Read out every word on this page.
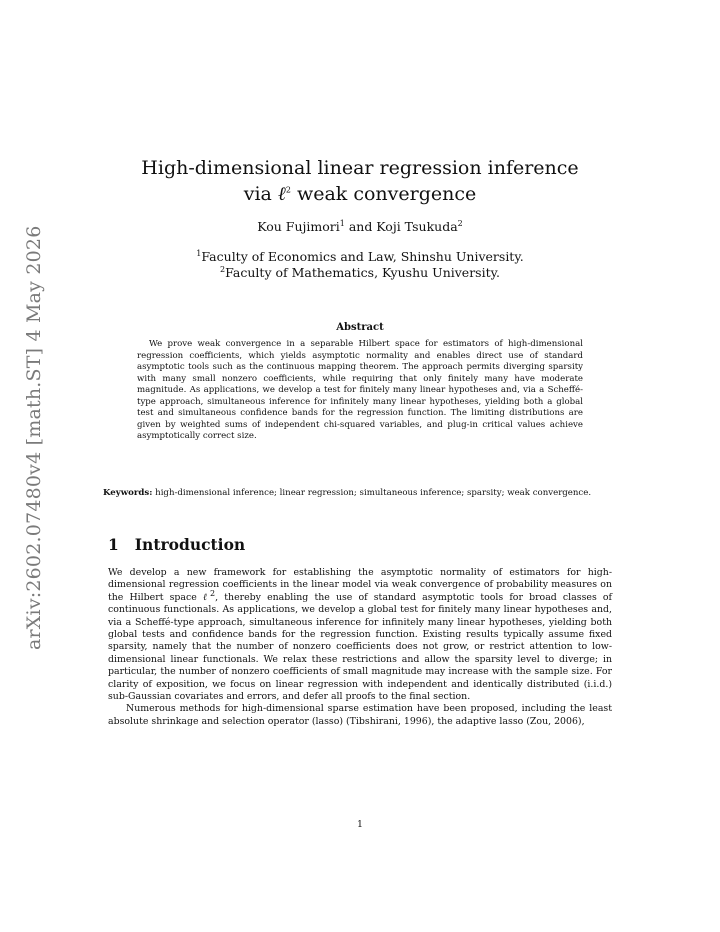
arXiv:2602.07480v4 [math.ST] 4 May 2026
High-dimensional linear regression inference
via ℓ$^2$ weak convergence
Kou Fujimori$^1$ and Koji Tsukuda$^2$
$^1$Faculty of Economics and Law, Shinshu University.
$^2$Faculty of Mathematics, Kyushu University.
Abstract

We prove weak convergence in a separable Hilbert space for estimators of high-dimensional regression coefficients, which yields asymptotic normality and enables direct use of standard asymptotic tools such as the continuous mapping theorem. The approach permits diverging sparsity with many small nonzero coefficients, while requiring that only finitely many have moderate magnitude. As applications, we develop a test for finitely many linear hypotheses and, via a Scheffé-type approach, simultaneous inference for infinitely many linear hypotheses, yielding both a global test and simultaneous confidence bands for the regression function. The limiting distributions are given by weighted sums of independent chi-squared variables, and plug-in critical values achieve asymptotically correct size.

Keywords: high-dimensional inference; linear regression; simultaneous inference; sparsity; weak convergence.
1 Introduction

We develop a new framework for establishing the asymptotic normality of estimators for high-dimensional regression coefficients in the linear model via weak convergence of probability measures on the Hilbert space ℓ$^2$, thereby enabling the use of standard asymptotic tools for broad classes of continuous functionals. As applications, we develop a global test for finitely many linear hypotheses and, via a Scheffé-type approach, simultaneous inference for infinitely many linear hypotheses, yielding both global tests and confidence bands for the regression function. Existing results typically assume fixed sparsity, namely that the number of nonzero coefficients does not grow, or restrict attention to low-dimensional linear functionals. We relax these restrictions and allow the sparsity level to diverge; in particular, the number of nonzero coefficients of small magnitude may increase with the sample size. For clarity of exposition, we focus on linear regression with independent and identically distributed (i.i.d.) sub-Gaussian covariates and errors, and defer all proofs to the final section.

Numerous methods for high-dimensional sparse estimation have been proposed, including the least absolute shrinkage and selection operator (lasso) (Tibshirani, 1996), the adaptive lasso (Zou, 2006),

1
